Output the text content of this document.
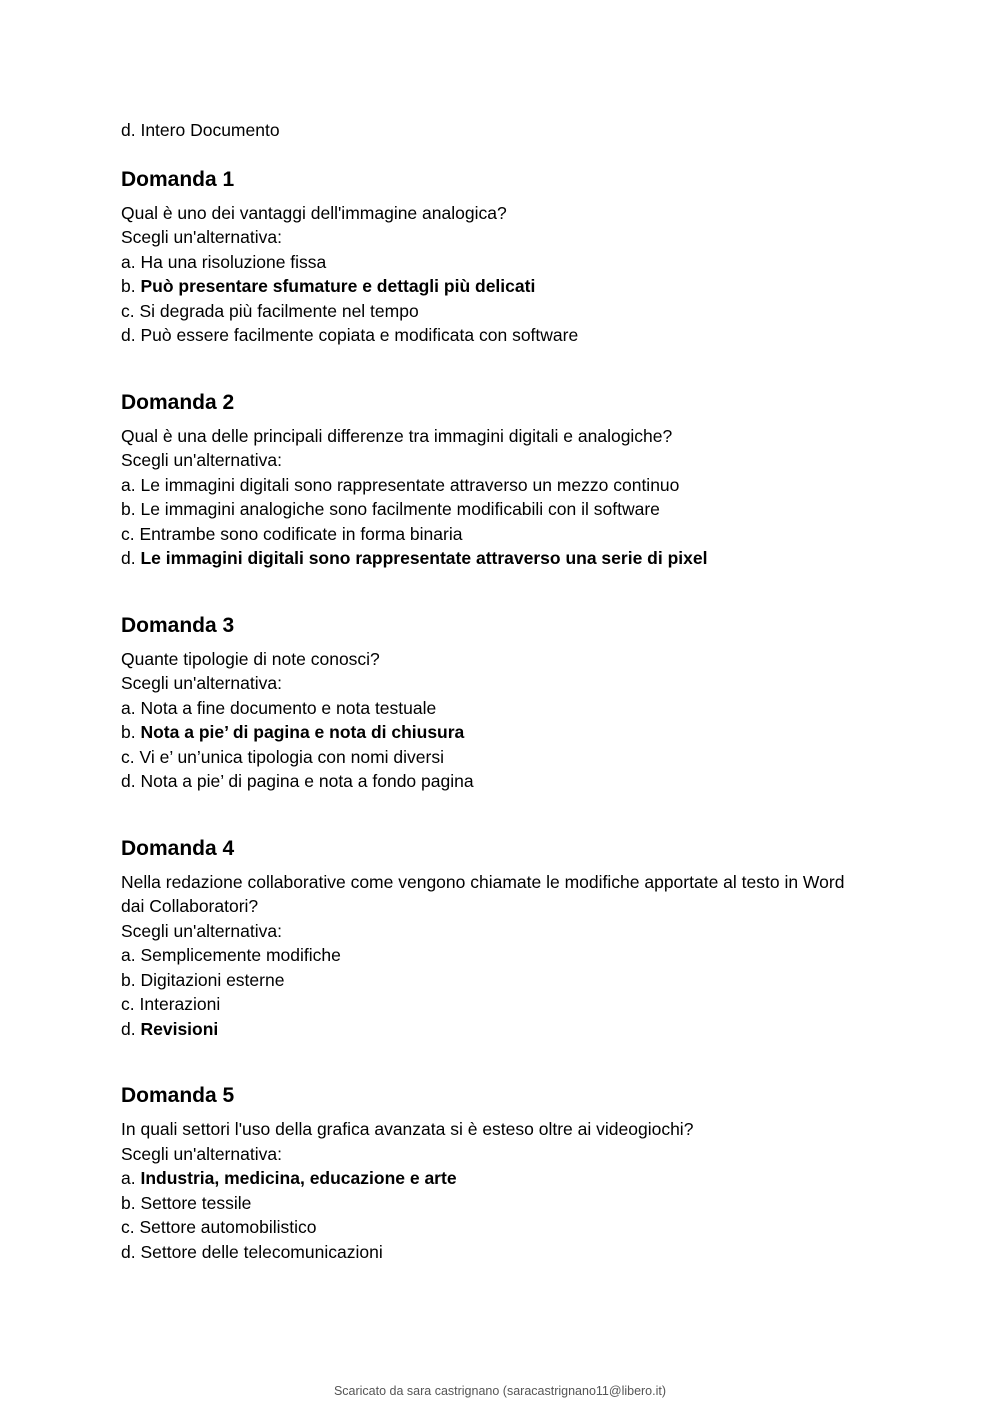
d. Intero Documento
Domanda 1
Qual è uno dei vantaggi dell'immagine analogica?
Scegli un'alternativa:
a. Ha una risoluzione fissa
b. Può presentare sfumature e dettagli più delicati
c. Si degrada più facilmente nel tempo
d. Può essere facilmente copiata e modificata con software
Domanda 2
Qual è una delle principali differenze tra immagini digitali e analogiche?
Scegli un'alternativa:
a. Le immagini digitali sono rappresentate attraverso un mezzo continuo
b. Le immagini analogiche sono facilmente modificabili con il software
c. Entrambe sono codificate in forma binaria
d. Le immagini digitali sono rappresentate attraverso una serie di pixel
Domanda 3
Quante tipologie di note conosci?
Scegli un'alternativa:
a. Nota a fine documento e nota testuale
b. Nota a pie’ di pagina e nota di chiusura
c. Vi e’ un’unica tipologia con nomi diversi
d. Nota a pie’ di pagina e nota a fondo pagina
Domanda 4
Nella redazione collaborative come vengono chiamate le modifiche apportate al testo in Word dai Collaboratori?
Scegli un'alternativa:
a. Semplicemente modifiche
b. Digitazioni esterne
c. Interazioni
d. Revisioni
Domanda 5
In quali settori l'uso della grafica avanzata si è esteso oltre ai videogiochi?
Scegli un'alternativa:
a. Industria, medicina, educazione e arte
b. Settore tessile
c. Settore automobilistico
d. Settore delle telecomunicazioni
Scaricato da sara castrignano (saracastrignano11@libero.it)
